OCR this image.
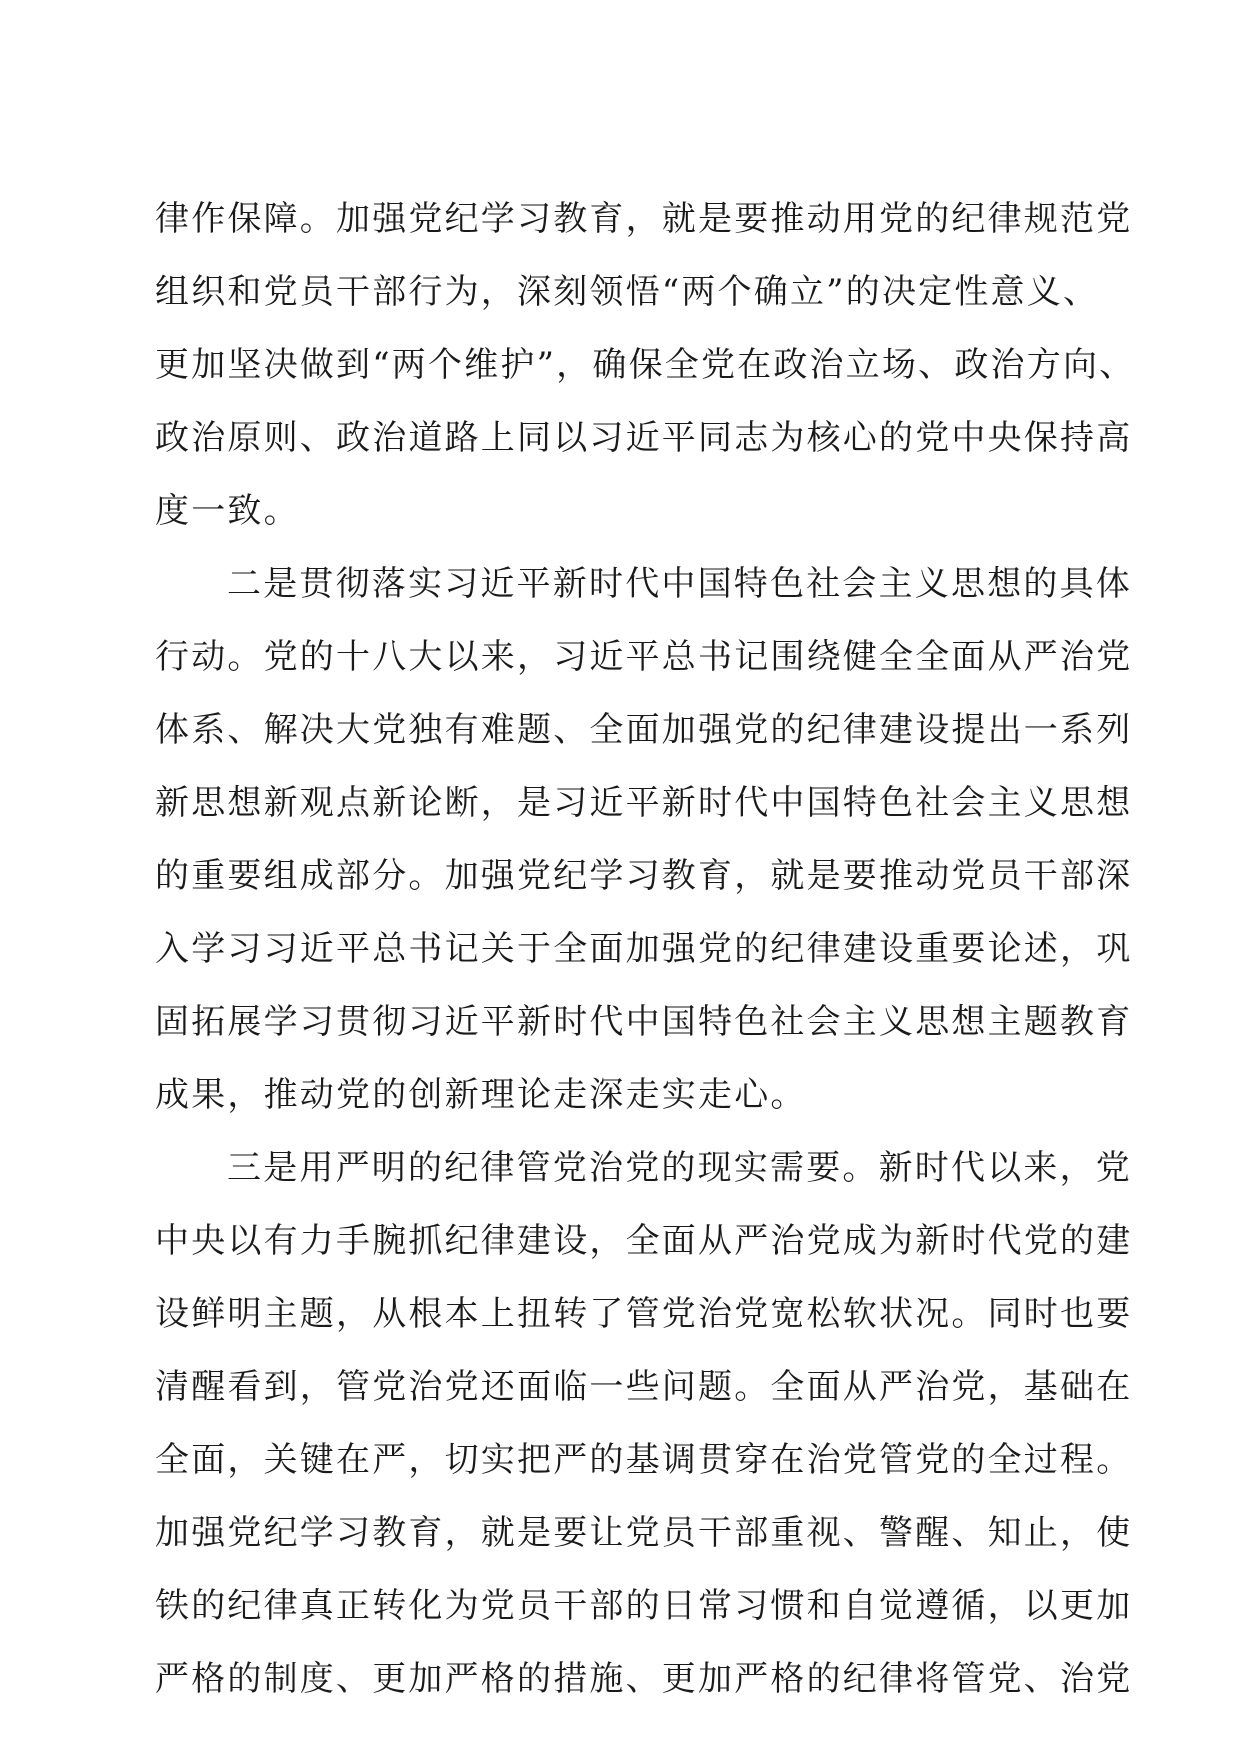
律作保障。加强党纪学习教育，就是要推动用党的纪律规范党
组织和党员干部行为，深刻领悟“两个确立”的决定性意义、
更加坚决做到“两个维护”，确保全党在政治立场、政治方向、
政治原则、政治道路上同以习近平同志为核心的党中央保持高
度一致。
二是贯彻落实习近平新时代中国特色社会主义思想的具体
行动。党的十八大以来，习近平总书记围绕健全全面从严治党
体系、解决大党独有难题、全面加强党的纪律建设提出一系列
新思想新观点新论断，是习近平新时代中国特色社会主义思想
的重要组成部分。加强党纪学习教育，就是要推动党员干部深
入学习习近平总书记关于全面加强党的纪律建设重要论述，巩
固拓展学习贯彻习近平新时代中国特色社会主义思想主题教育
成果，推动党的创新理论走深走实走心。
三是用严明的纪律管党治党的现实需要。新时代以来，党
中央以有力手腕抓纪律建设，全面从严治党成为新时代党的建
设鲜明主题，从根本上扭转了管党治党宽松软状况。同时也要
清醒看到，管党治党还面临一些问题。全面从严治党，基础在
全面，关键在严，切实把严的基调贯穿在治党管党的全过程。
加强党纪学习教育，就是要让党员干部重视、警醒、知止，使
铁的纪律真正转化为党员干部的日常习惯和自觉遵循，以更加
严格的制度、更加严格的措施、更加严格的纪律将管党、治党
